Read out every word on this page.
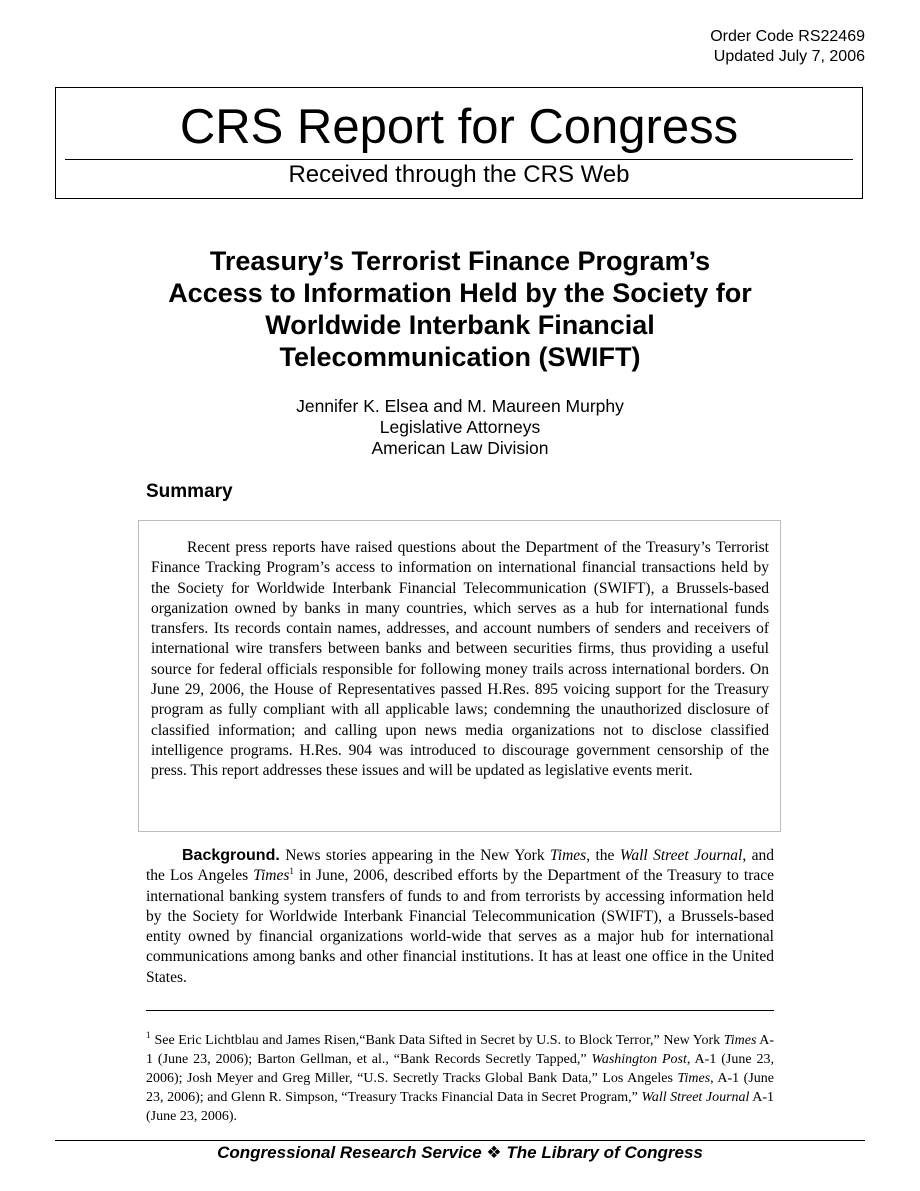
Order Code RS22469
Updated July 7, 2006
CRS Report for Congress
Received through the CRS Web
Treasury’s Terrorist Finance Program’s
Access to Information Held by the Society for
Worldwide Interbank Financial
Telecommunication (SWIFT)
Jennifer K. Elsea and M. Maureen Murphy
Legislative Attorneys
American Law Division
Summary

Recent press reports have raised questions about the Department of the Treasury’s Terrorist Finance Tracking Program’s access to information on international financial transactions held by the Society for Worldwide Interbank Financial Telecommunication (SWIFT), a Brussels-based organization owned by banks in many countries, which serves as a hub for international funds transfers. Its records contain names, addresses, and account numbers of senders and receivers of international wire transfers between banks and between securities firms, thus providing a useful source for federal officials responsible for following money trails across international borders. On June 29, 2006, the House of Representatives passed H.Res. 895 voicing support for the Treasury program as fully compliant with all applicable laws; condemning the unauthorized disclosure of classified information; and calling upon news media organizations not to disclose classified intelligence programs. H.Res. 904 was introduced to discourage government censorship of the press. This report addresses these issues and will be updated as legislative events merit.

Background. News stories appearing in the New York Times, the Wall Street Journal, and the Los Angeles Times$^1$ in June, 2006, described efforts by the Department of the Treasury to trace international banking system transfers of funds to and from terrorists by accessing information held by the Society for Worldwide Interbank Financial Telecommunication (SWIFT), a Brussels-based entity owned by financial organizations world-wide that serves as a major hub for international communications among banks and other financial institutions. It has at least one office in the United States.

$^1$ See Eric Lichtblau and James Risen,“Bank Data Sifted in Secret by U.S. to Block Terror,” New York Times A-1 (June 23, 2006); Barton Gellman, et al., “Bank Records Secretly Tapped,” Washington Post, A-1 (June 23, 2006); Josh Meyer and Greg Miller, “U.S. Secretly Tracks Global Bank Data,” Los Angeles Times, A-1 (June 23, 2006); and Glenn R. Simpson, “Treasury Tracks Financial Data in Secret Program,” Wall Street Journal A-1 (June 23, 2006).

Congressional Research Service ❖ The Library of Congress
